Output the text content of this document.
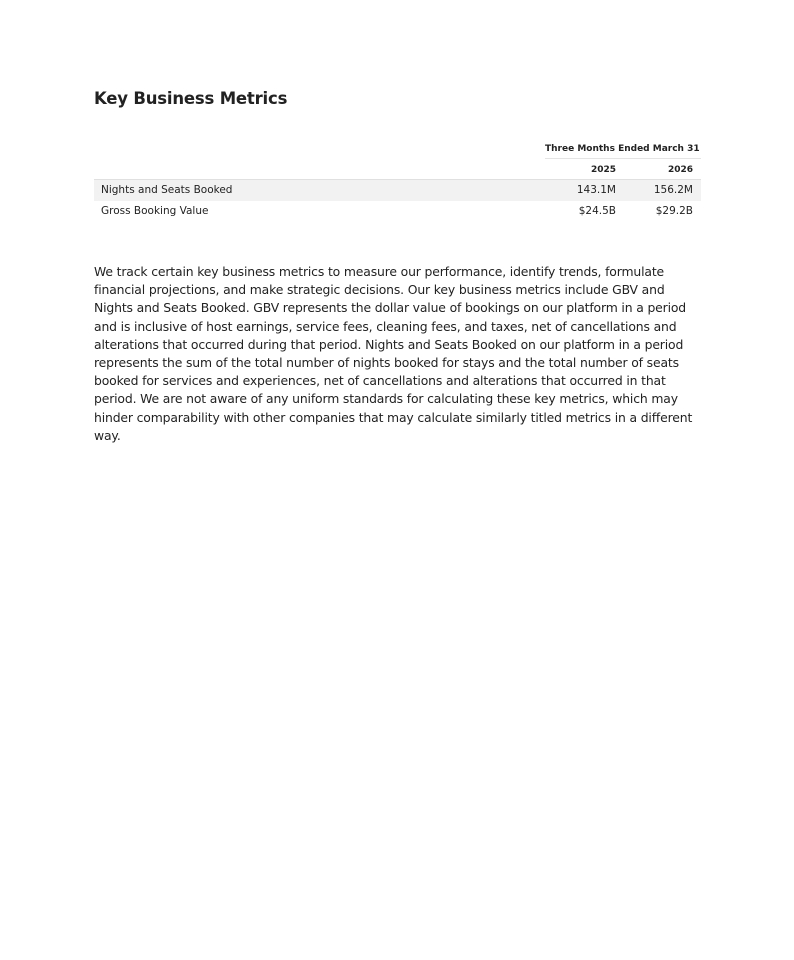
Key Business Metrics
Three Months Ended March 31
2025	2026
Nights and Seats Booked	143.1M	156.2M
Gross Booking Value	$24.5B	$29.2B

We track certain key business metrics to measure our performance, identify trends, formulate financial projections, and make strategic decisions. Our key business metrics include GBV and Nights and Seats Booked. GBV represents the dollar value of bookings on our platform in a period and is inclusive of host earnings, service fees, cleaning fees, and taxes, net of cancellations and alterations that occurred during that period. Nights and Seats Booked on our platform in a period represents the sum of the total number of nights booked for stays and the total number of seats booked for services and experiences, net of cancellations and alterations that occurred in that period. We are not aware of any uniform standards for calculating these key metrics, which may hinder comparability with other companies that may calculate similarly titled metrics in a different way.
